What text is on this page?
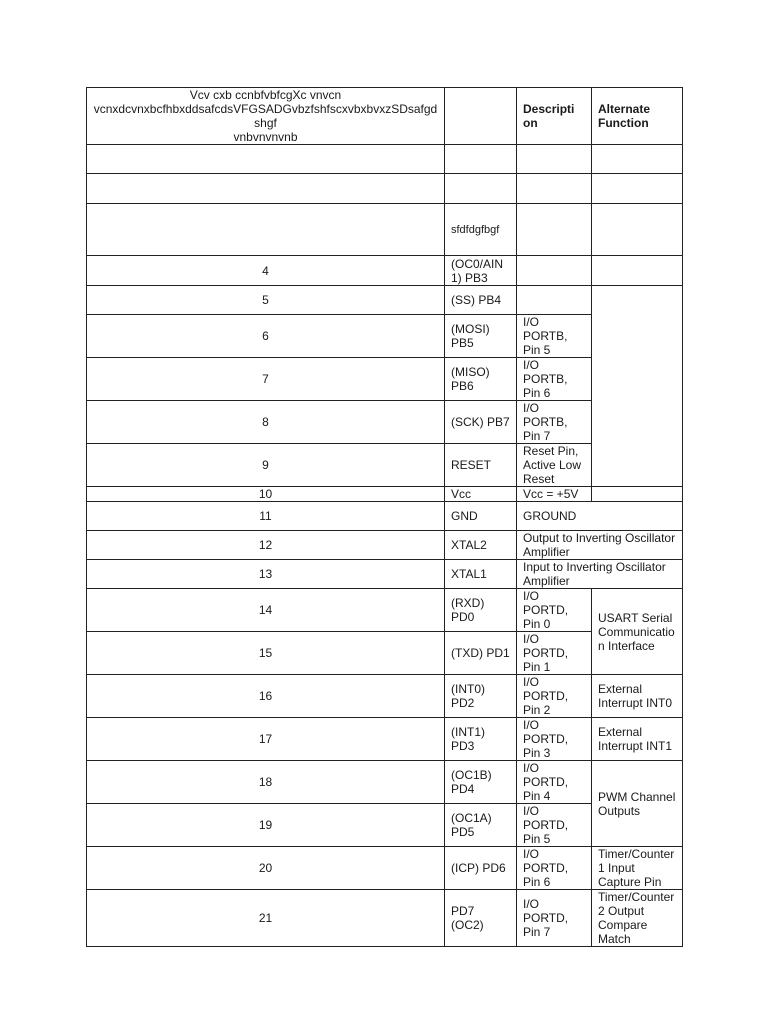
Vcv cxb ccnbfvbfcgXc vnvcn
vcnxdcvnxbcfhbxddsafcdsVFGSADGvbzfshfscxvbxbvxzSDsafgdshgf
vnbvnvnvnb		Descripti on	Alternate Function

	sfdfdgfbgf		
4	(OC0/AIN 1) PB3		
5	(SS) PB4		
6	(MOSI) PB5	I/O PORTB, Pin 5	
7	(MISO) PB6	I/O PORTB, Pin 6	
8	(SCK) PB7	I/O PORTB, Pin 7	
9	RESET	Reset Pin, Active Low Reset	
10	Vcc	Vcc = +5V	
11	GND	GROUND	
12	XTAL2	Output to Inverting Oscillator Amplifier	
13	XTAL1	Input to Inverting Oscillator Amplifier	
14	(RXD) PD0	I/O PORTD, Pin 0	USART Serial Communication Interface
15	(TXD) PD1	I/O PORTD, Pin 1	
16	(INT0) PD2	I/O PORTD, Pin 2	External Interrupt INT0
17	(INT1) PD3	I/O PORTD, Pin 3	External Interrupt INT1
18	(OC1B) PD4	I/O PORTD, Pin 4	PWM Channel Outputs
19	(OC1A) PD5	I/O PORTD, Pin 5	
20	(ICP) PD6	I/O PORTD, Pin 6	Timer/Counter1 Input Capture Pin
21	PD7 (OC2)	I/O PORTD, Pin 7	Timer/Counter2 Output Compare Match
